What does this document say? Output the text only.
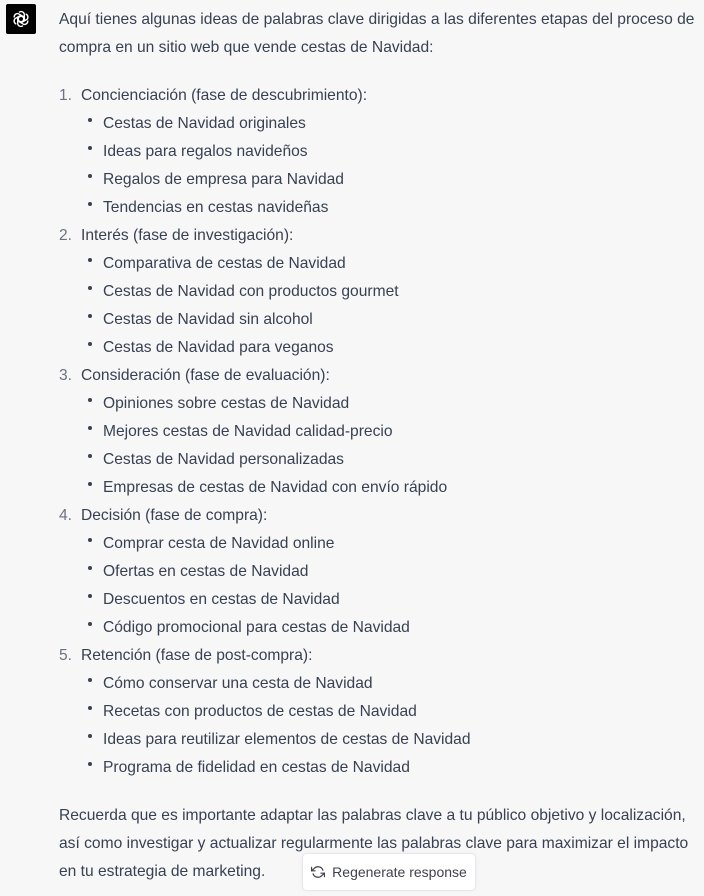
Aquí tienes algunas ideas de palabras clave dirigidas a las diferentes etapas del proceso de compra en un sitio web que vende cestas de Navidad:

1. Concienciación (fase de descubrimiento):
Cestas de Navidad originales
Ideas para regalos navideños
Regalos de empresa para Navidad
Tendencias en cestas navideñas
2. Interés (fase de investigación):
Comparativa de cestas de Navidad
Cestas de Navidad con productos gourmet
Cestas de Navidad sin alcohol
Cestas de Navidad para veganos
3. Consideración (fase de evaluación):
Opiniones sobre cestas de Navidad
Mejores cestas de Navidad calidad-precio
Cestas de Navidad personalizadas
Empresas de cestas de Navidad con envío rápido
4. Decisión (fase de compra):
Comprar cesta de Navidad online
Ofertas en cestas de Navidad
Descuentos en cestas de Navidad
Código promocional para cestas de Navidad
5. Retención (fase de post-compra):
Cómo conservar una cesta de Navidad
Recetas con productos de cestas de Navidad
Ideas para reutilizar elementos de cestas de Navidad
Programa de fidelidad en cestas de Navidad

Recuerda que es importante adaptar las palabras clave a tu público objetivo y localización, así como investigar y actualizar regularmente las palabras clave para maximizar el impacto en tu estrategia de marketing.	Regenerate response
